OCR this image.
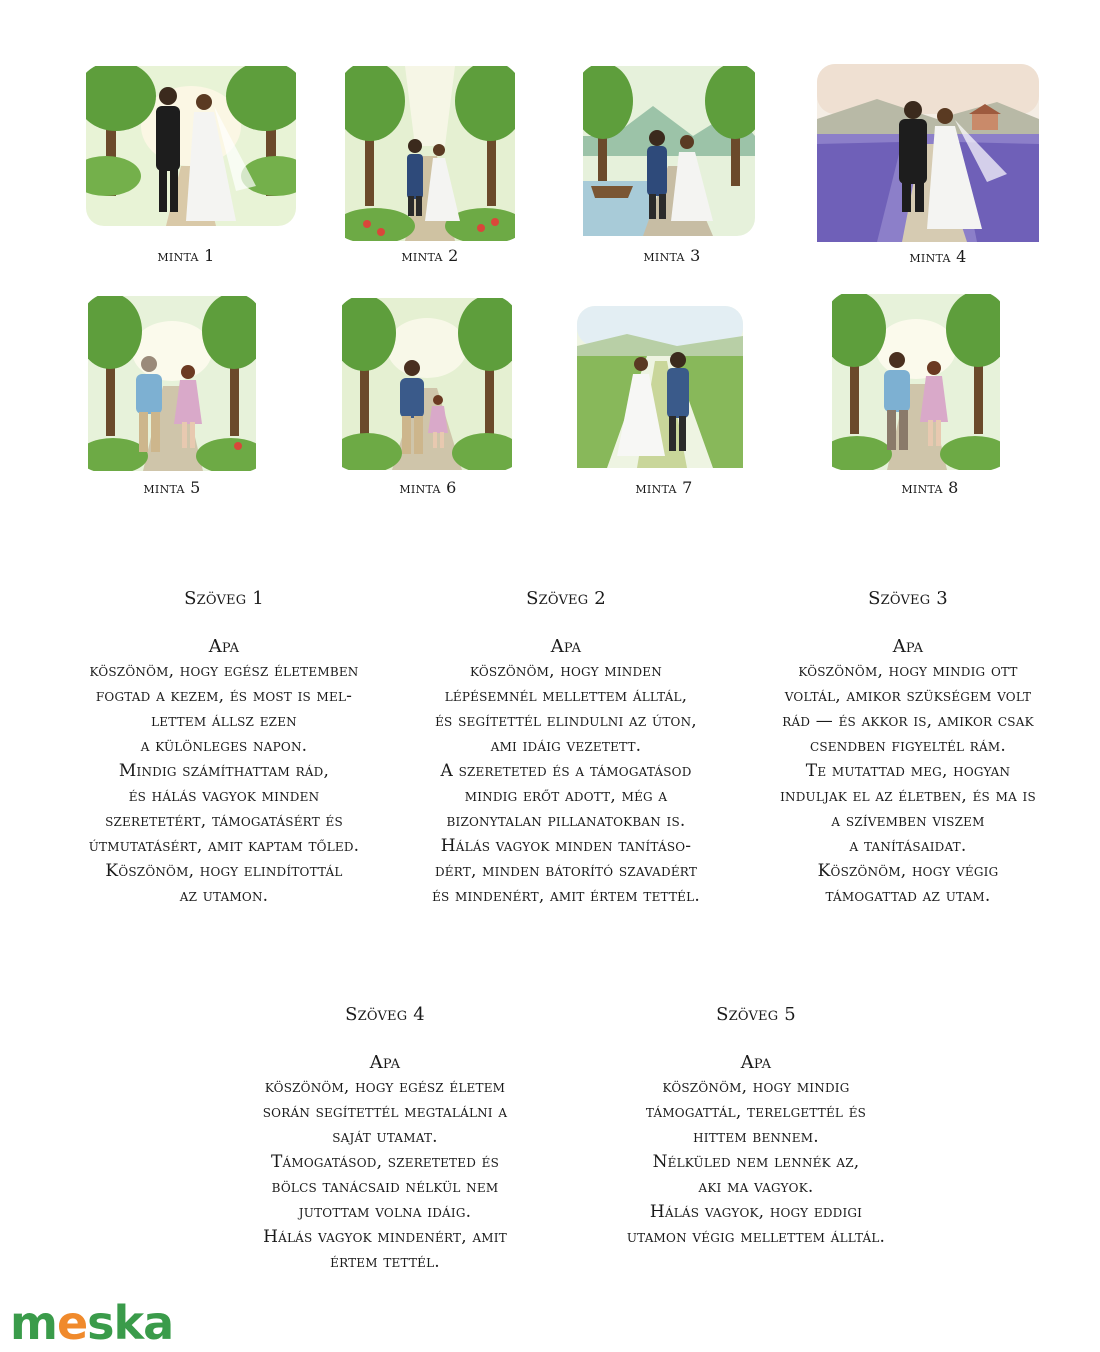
minta 1	minta 2	minta 3	minta 4
minta 5	minta 6	minta 7	minta 8
Szöveg 1
Apa
köszönöm, hogy egész életemben
fogtad a kezem, és most is mel-
lettem állsz ezen
a különleges napon.
Mindig számíthattam rád,
és hálás vagyok minden
szeretetért, támogatásért és
útmutatásért, amit kaptam tőled.
Köszönöm, hogy elindítottál
az utamon.
Szöveg 2
Apa
köszönöm, hogy minden
lépésemnél mellettem álltál,
és segítettél elindulni az úton,
ami idáig vezetett.
A szereteted és a támogatásod
mindig erőt adott, még a
bizonytalan pillanatokban is.
Hálás vagyok minden tanításo-
dért, minden bátorító szavadért
és mindenért, amit értem tettél.
Szöveg 3
Apa
köszönöm, hogy mindig ott
voltál, amikor szükségem volt
rád — és akkor is, amikor csak
csendben figyeltél rám.
Te mutattad meg, hogyan
induljak el az életben, és ma is
a szívemben viszem
a tanításaidat.
Köszönöm, hogy végig
támogattad az utam.
Szöveg 4
Apa
köszönöm, hogy egész életem
során segítettél megtalálni a
saját utamat.
Támogatásod, szereteted és
bölcs tanácsaid nélkül nem
jutottam volna idáig.
Hálás vagyok mindenért, amit
értem tettél.
Szöveg 5
Apa
köszönöm, hogy mindig
támogattál, terelgettél és
hittem bennem.
Nélküled nem lennék az,
aki ma vagyok.
Hálás vagyok, hogy eddigi
utamon végig mellettem álltál.
meska
